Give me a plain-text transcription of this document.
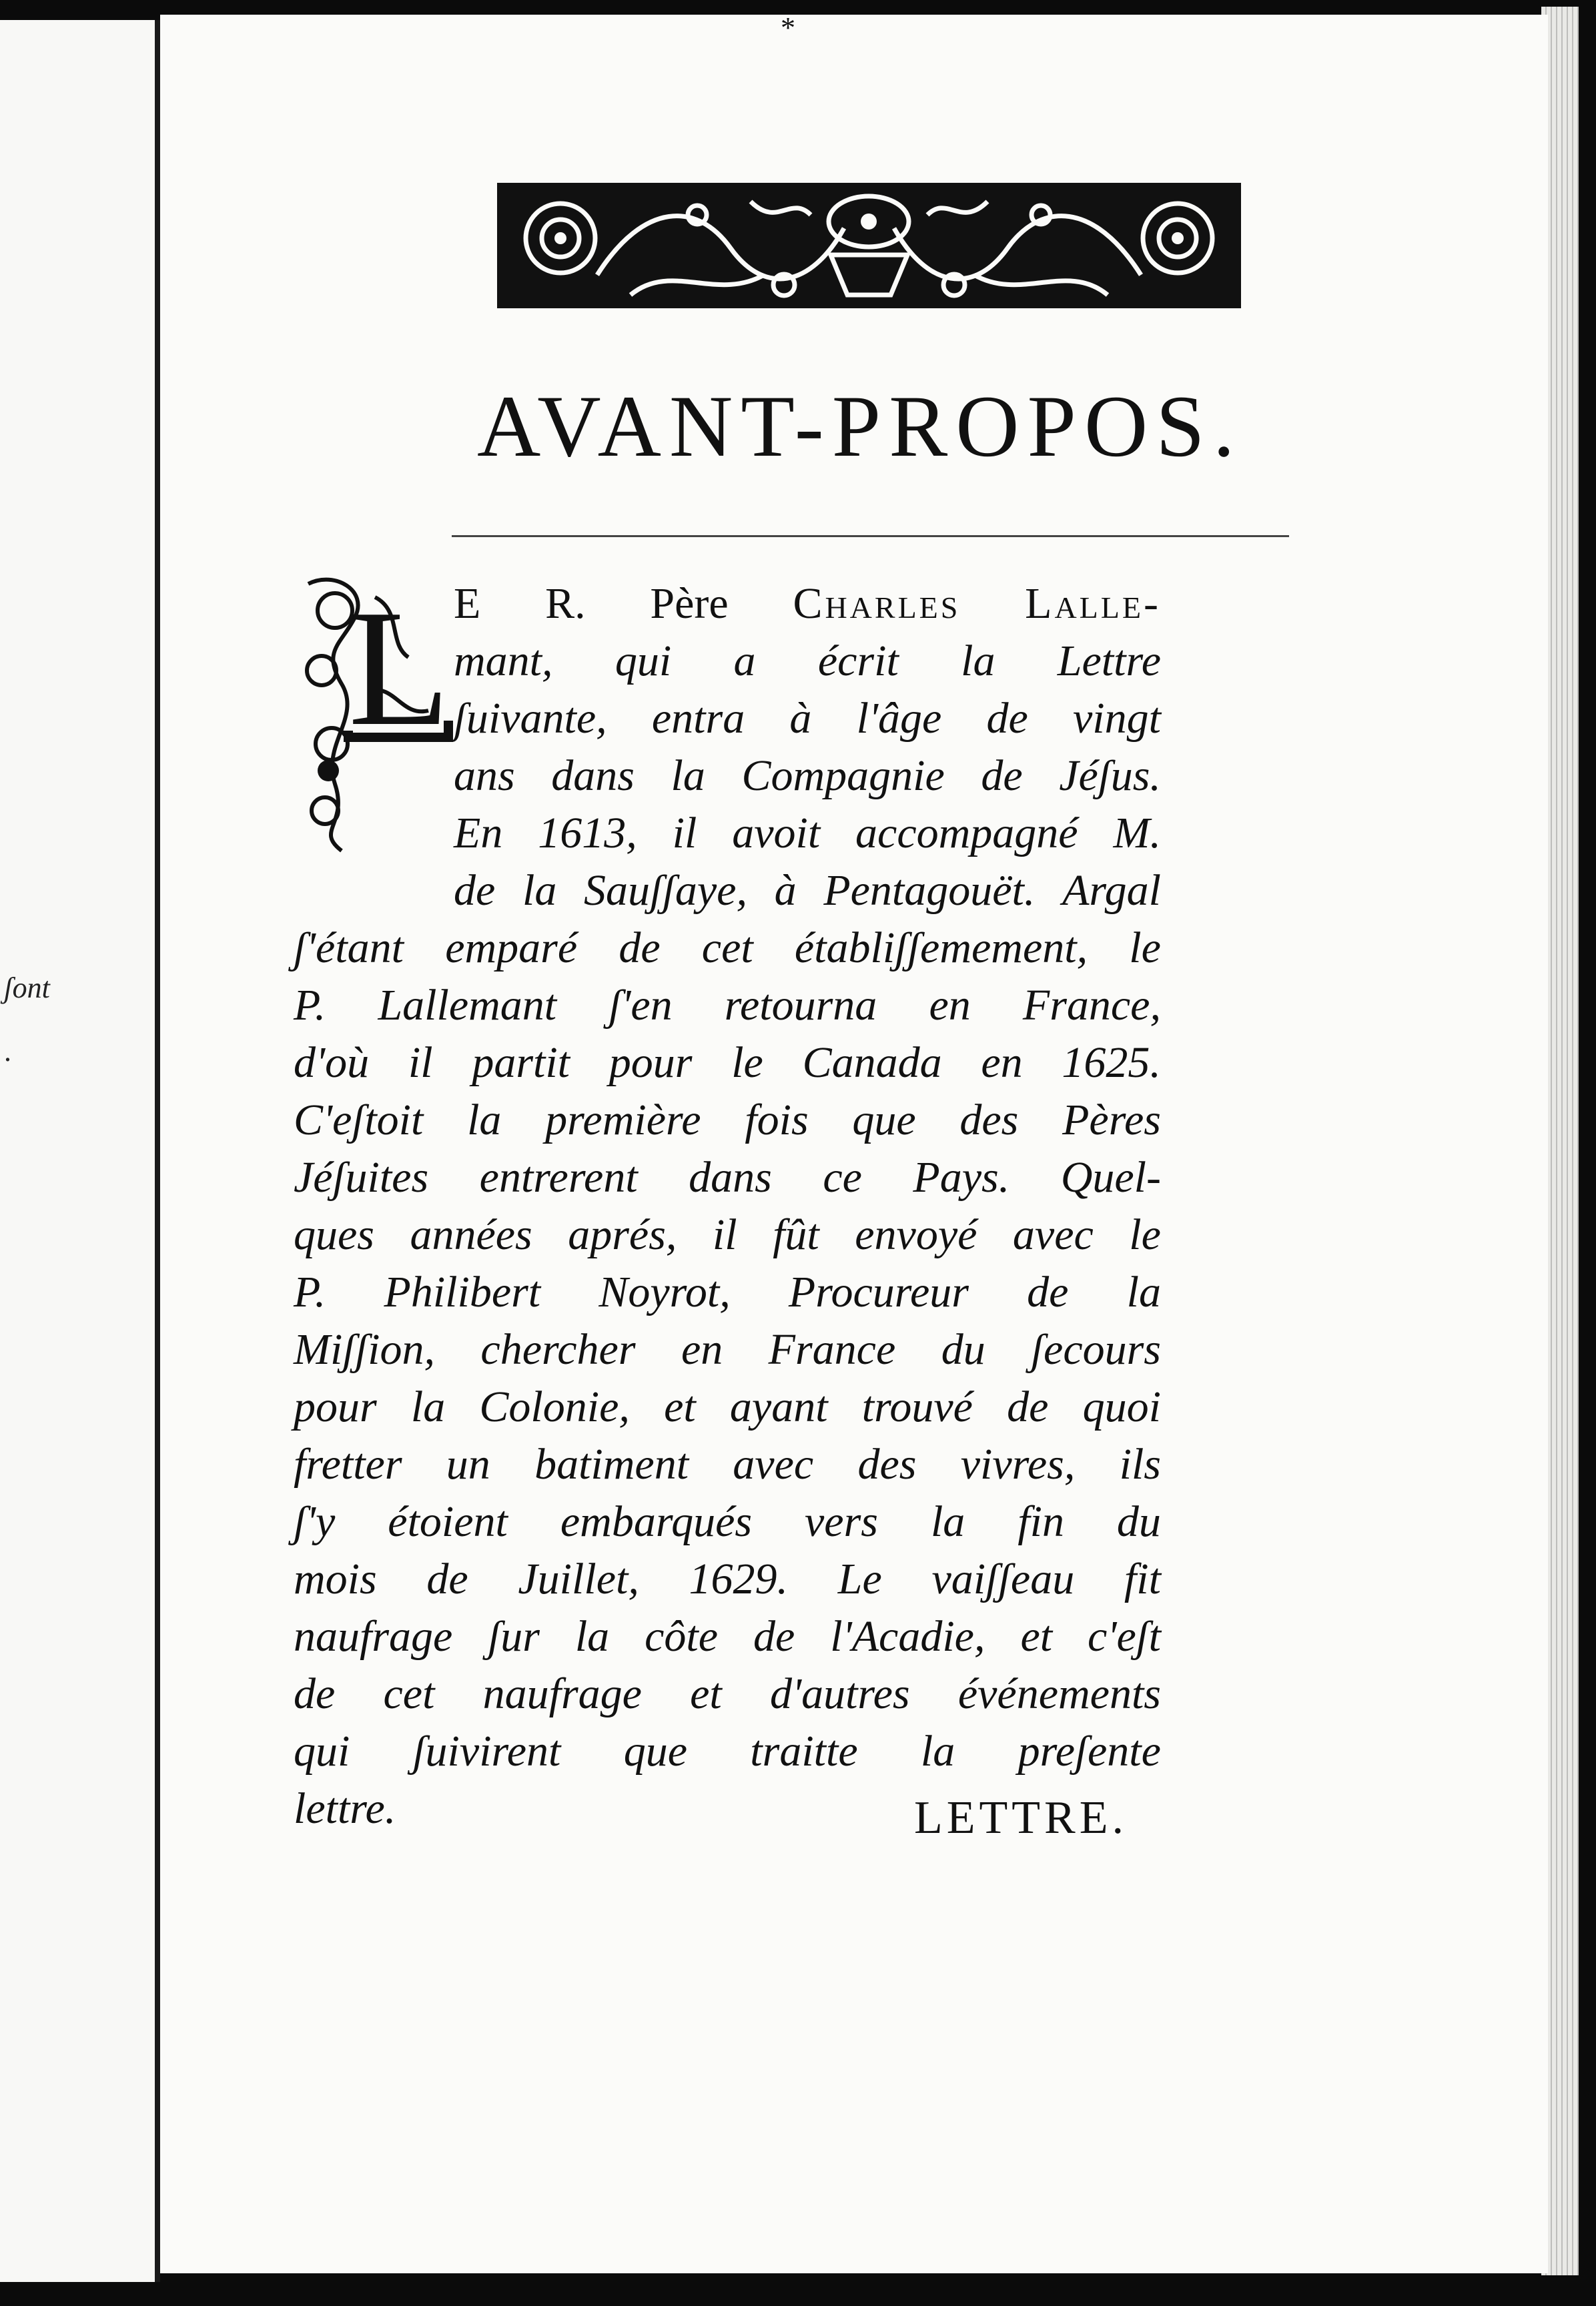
ʃont
.
*
AVANT-PROPOS.
L E R. Père Charles Lalle-
mant, qui a écrit la Lettre
ʃuivante, entra à l'âge de vingt
ans dans la Compagnie de Jéʃus.
En 1613, il avoit accompagné M.
de la Sauʃʃaye, à Pentagouët. Argal
ʃ'étant emparé de cet établiʃʃemement, le
P. Lallemant ʃ'en retourna en France,
d'où il partit pour le Canada en 1625.
C'eʃtoit la première fois que des Pères
Jéʃuites entrerent dans ce Pays. Quel-
ques années aprés, il fût envoyé avec le
P. Philibert Noyrot, Procureur de la
Miʃʃion, chercher en France du ʃecours
pour la Colonie, et ayant trouvé de quoi
fretter un batiment avec des vivres, ils
ʃ'y étoient embarqués vers la fin du
mois de Juillet, 1629. Le vaiʃʃeau fit
naufrage ʃur la côte de l'Acadie, et c'eʃt
de cet naufrage et d'autres événements
qui ʃuivirent que traitte la preʃente
lettre.	LETTRE.
